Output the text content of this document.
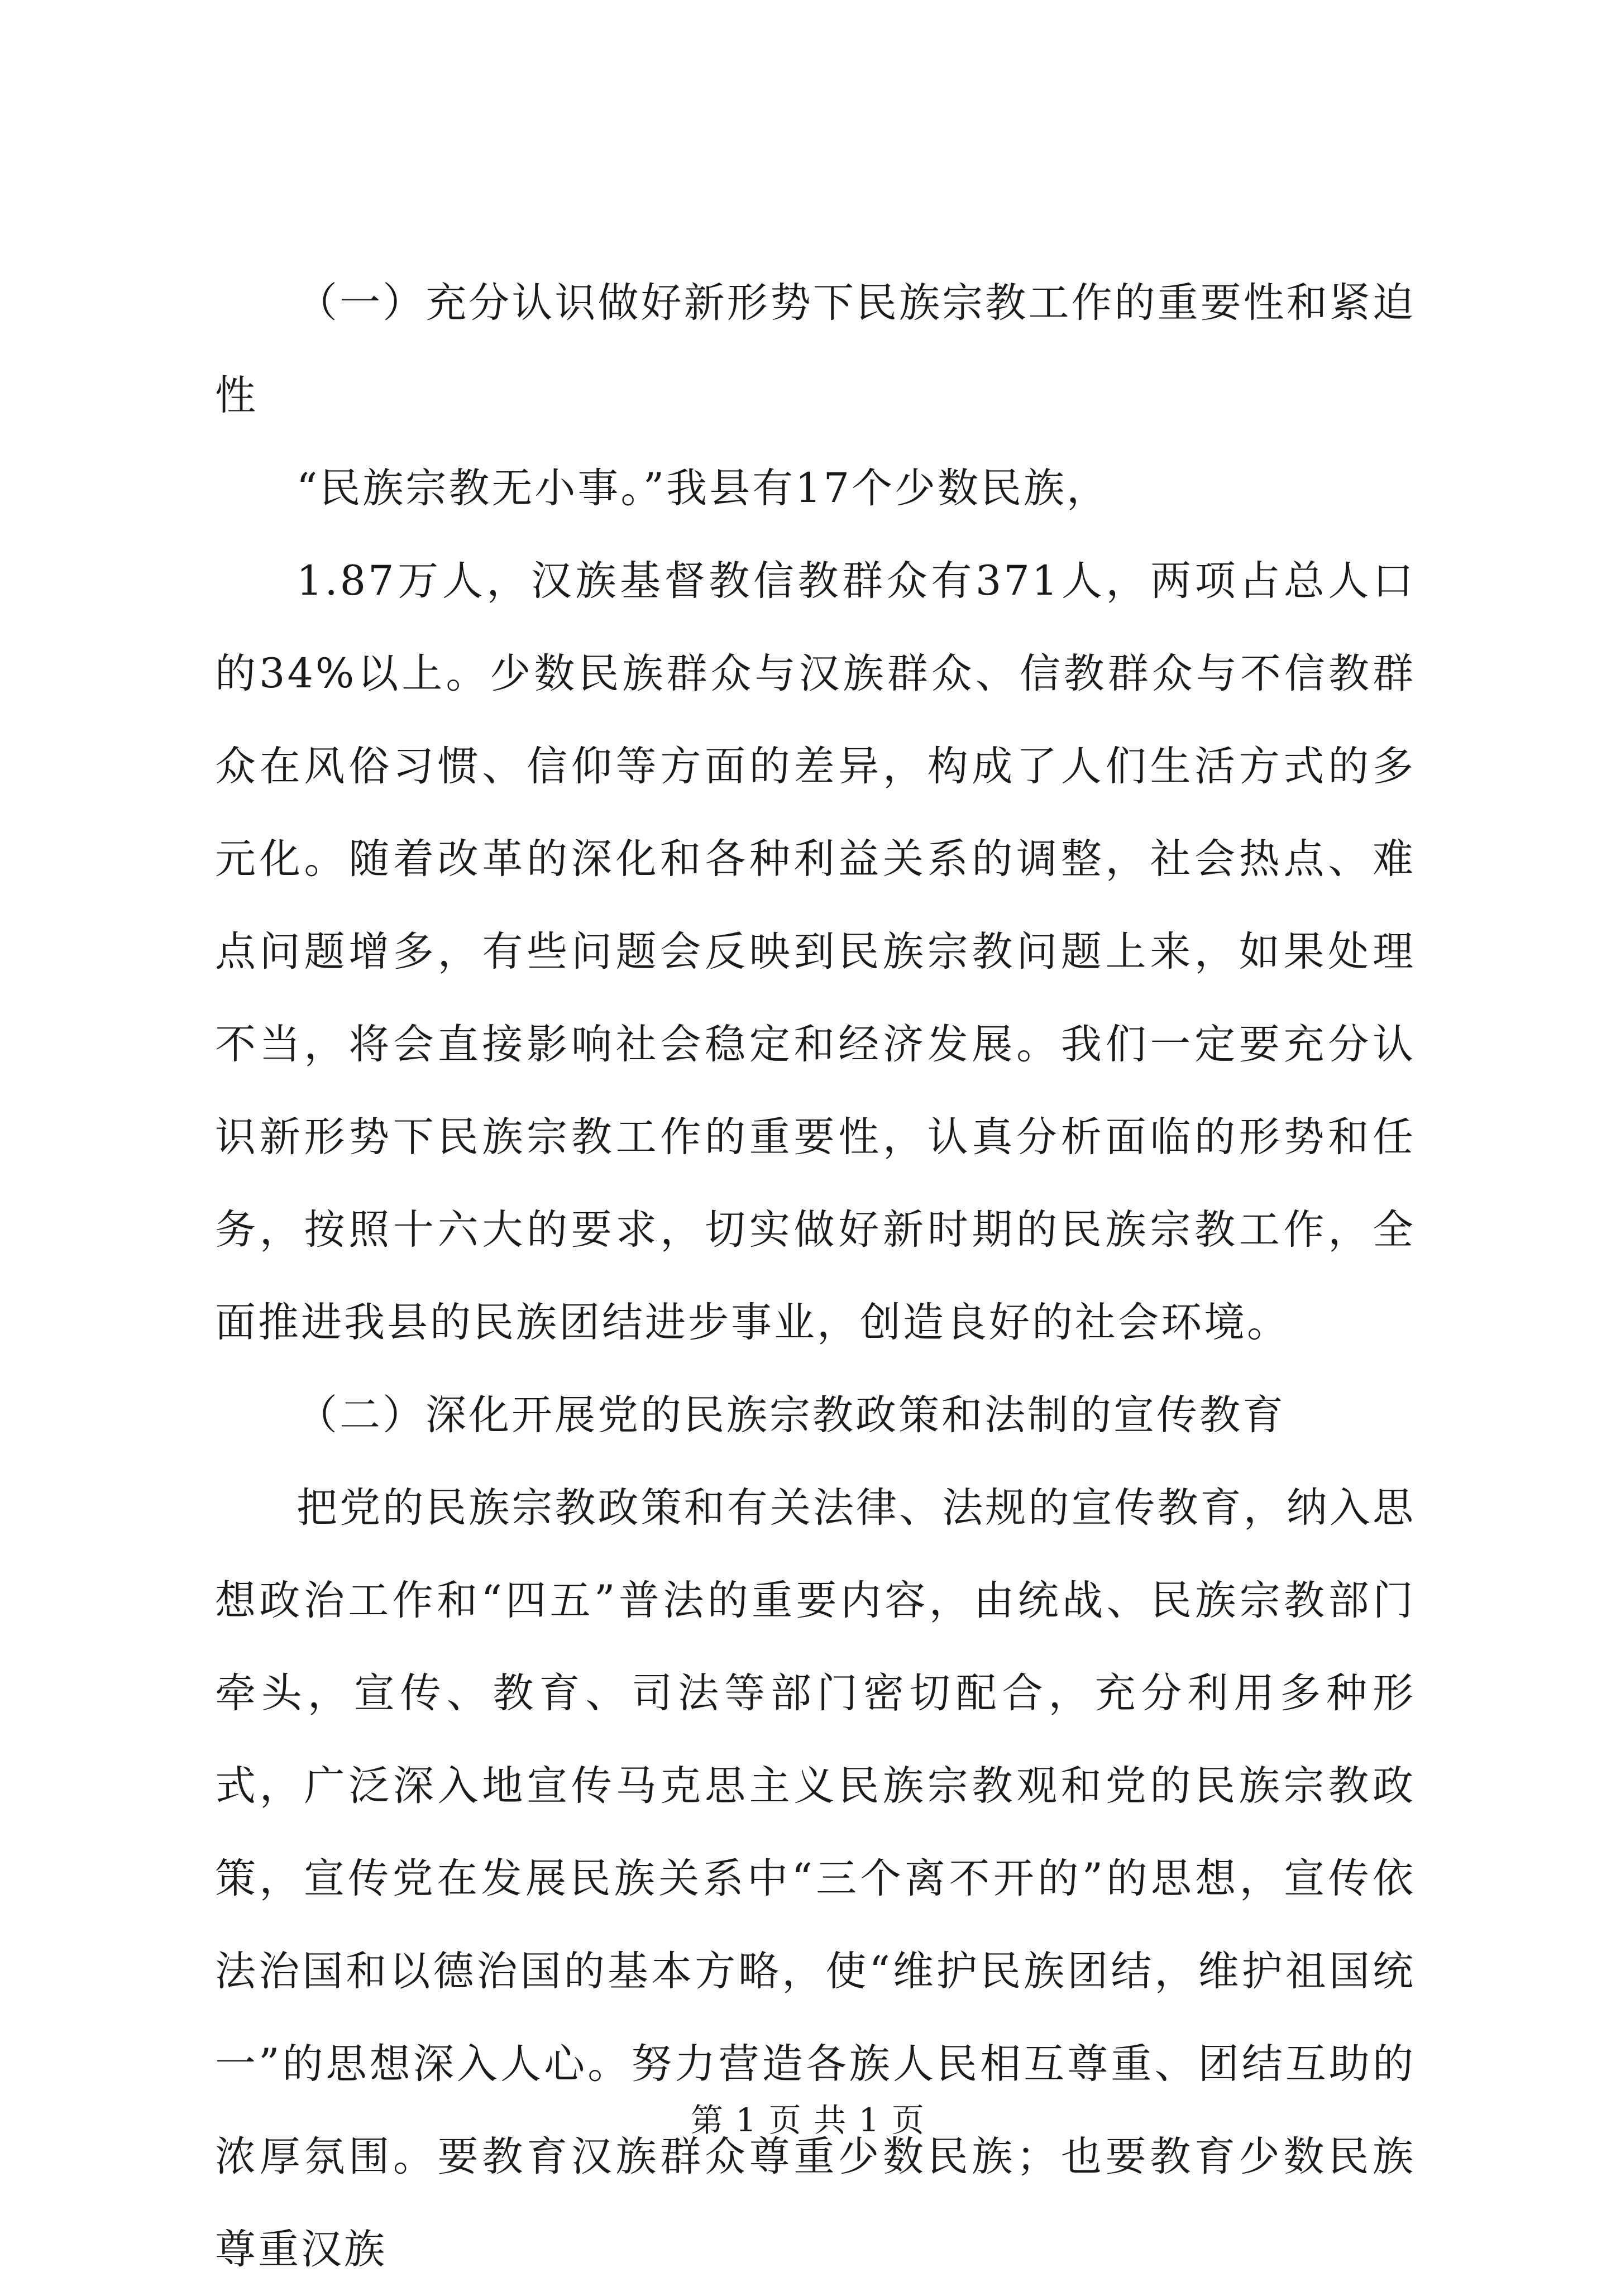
（一）充分认识做好新形势下民族宗教工作的重要性和紧迫性

“民族宗教无小事。”我县有17个少数民族，

1.87万人，汉族基督教信教群众有371人，两项占总人口的34%以上。少数民族群众与汉族群众、信教群众与不信教群众在风俗习惯、信仰等方面的差异，构成了人们生活方式的多元化。随着改革的深化和各种利益关系的调整，社会热点、难点问题增多，有些问题会反映到民族宗教问题上来，如果处理不当，将会直接影响社会稳定和经济发展。我们一定要充分认识新形势下民族宗教工作的重要性，认真分析面临的形势和任务，按照十六大的要求，切实做好新时期的民族宗教工作，全面推进我县的民族团结进步事业，创造良好的社会环境。

（二）深化开展党的民族宗教政策和法制的宣传教育

把党的民族宗教政策和有关法律、法规的宣传教育，纳入思想政治工作和“四五”普法的重要内容，由统战、民族宗教部门牵头，宣传、教育、司法等部门密切配合，充分利用多种形式，广泛深入地宣传马克思主义民族宗教观和党的民族宗教政策，宣传党在发展民族关系中“三个离不开的”的思想，宣传依法治国和以德治国的基本方略，使“维护民族团结，维护祖国统一”的思想深入人心。努力营造各族人民相互尊重、团结互助的浓厚氛围。要教育汉族群众尊重少数民族；也要教育少数民族尊重汉族

第 1 页 共 1 页
